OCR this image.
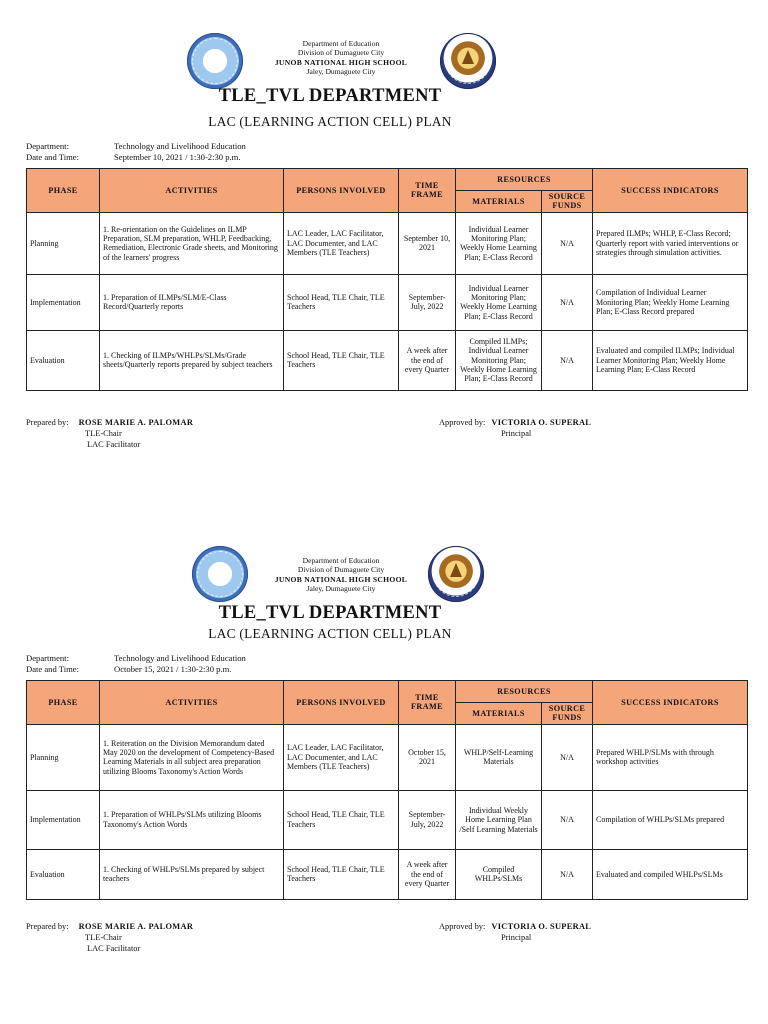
Department of Education
Division of Dumaguete City
JUNOB NATIONAL HIGH SCHOOL
Jaley, Dumaguete City
TLE_TVL DEPARTMENT
LAC (LEARNING ACTION CELL) PLAN
Department:	Technology and Livelihood Education
Date and Time:	September 10, 2021 / 1:30-2:30 p.m.
PHASE	ACTIVITIES	PERSONS INVOLVED	TIME FRAME	RESOURCES		SUCCESS INDICATORS
				MATERIALS	SOURCE FUNDS	
Planning	1. Re-orientation on the Guidelines on ILMP Preparation, SLM preparation, WHLP, Feedbacking, Remediation, Electronic Grade sheets, and Monitoring of the learners' progress	LAC Leader, LAC Facilitator, LAC Documenter, and LAC Members (TLE Teachers)	September 10, 2021	Individual Learner Monitoring Plan; Weekly Home Learning Plan; E-Class Record	N/A	Prepared ILMPs; WHLP, E-Class Record; Quarterly report with varied interventions or strategies through simulation activities.
Implementation	1. Preparation of ILMPs/SLM/E-Class Record/Quarterly reports	School Head, TLE Chair, TLE Teachers	September-July, 2022	Individual Learner Monitoring Plan; Weekly Home Learning Plan; E-Class Record	N/A	Compilation of Individual Learner Monitoring Plan; Weekly Home Learning Plan; E-Class Record prepared
Evaluation	1. Checking of ILMPs/WHLPs/SLMs/Grade sheets/Quarterly reports prepared by subject teachers	School Head, TLE Chair, TLE Teachers	A week after the end of every Quarter	Compiled ILMPs; Individual Learner Monitoring Plan; Weekly Home Learning Plan; E-Class Record	N/A	Evaluated and compiled ILMPs; Individual Learner Monitoring Plan; Weekly Home Learning Plan; E-Class Record
Prepared by: ROSE MARIE A. PALOMAR
TLE-Chair
LAC Facilitator
Approved by: VICTORIA O. SUPERAL
Principal
Department of Education
Division of Dumaguete City
JUNOB NATIONAL HIGH SCHOOL
Jaley, Dumaguete City
TLE_TVL DEPARTMENT
LAC (LEARNING ACTION CELL) PLAN
Department:	Technology and Livelihood Education
Date and Time:	October 15, 2021 / 1:30-2:30 p.m.
PHASE	ACTIVITIES	PERSONS INVOLVED	TIME FRAME	RESOURCES		SUCCESS INDICATORS
				MATERIALS	SOURCE FUNDS	
Planning	1. Reiteration on the Division Memorandum dated May 2020 on the development of Competency-Based Learning Materials in all subject area preparation utilizing Blooms Taxonomy's Action Words	LAC Leader, LAC Facilitator, LAC Documenter, and LAC Members (TLE Teachers)	October 15, 2021	WHLP/Self-Learning Materials	N/A	Prepared WHLP/SLMs with through workshop activities
Implementation	1. Preparation of WHLPs/SLMs utilizing Blooms Taxonomy's Action Words	School Head, TLE Chair, TLE Teachers	September-July, 2022	Individual Weekly Home Learning Plan /Self Learning Materials	N/A	Compilation of WHLPs/SLMs prepared
Evaluation	1. Checking of WHLPs/SLMs prepared by subject teachers	School Head, TLE Chair, TLE Teachers	A week after the end of every Quarter	Compiled WHLPs/SLMs	N/A	Evaluated and compiled WHLPs/SLMs
Prepared by: ROSE MARIE A. PALOMAR
TLE-Chair
LAC Facilitator
Approved by: VICTORIA O. SUPERAL
Principal
